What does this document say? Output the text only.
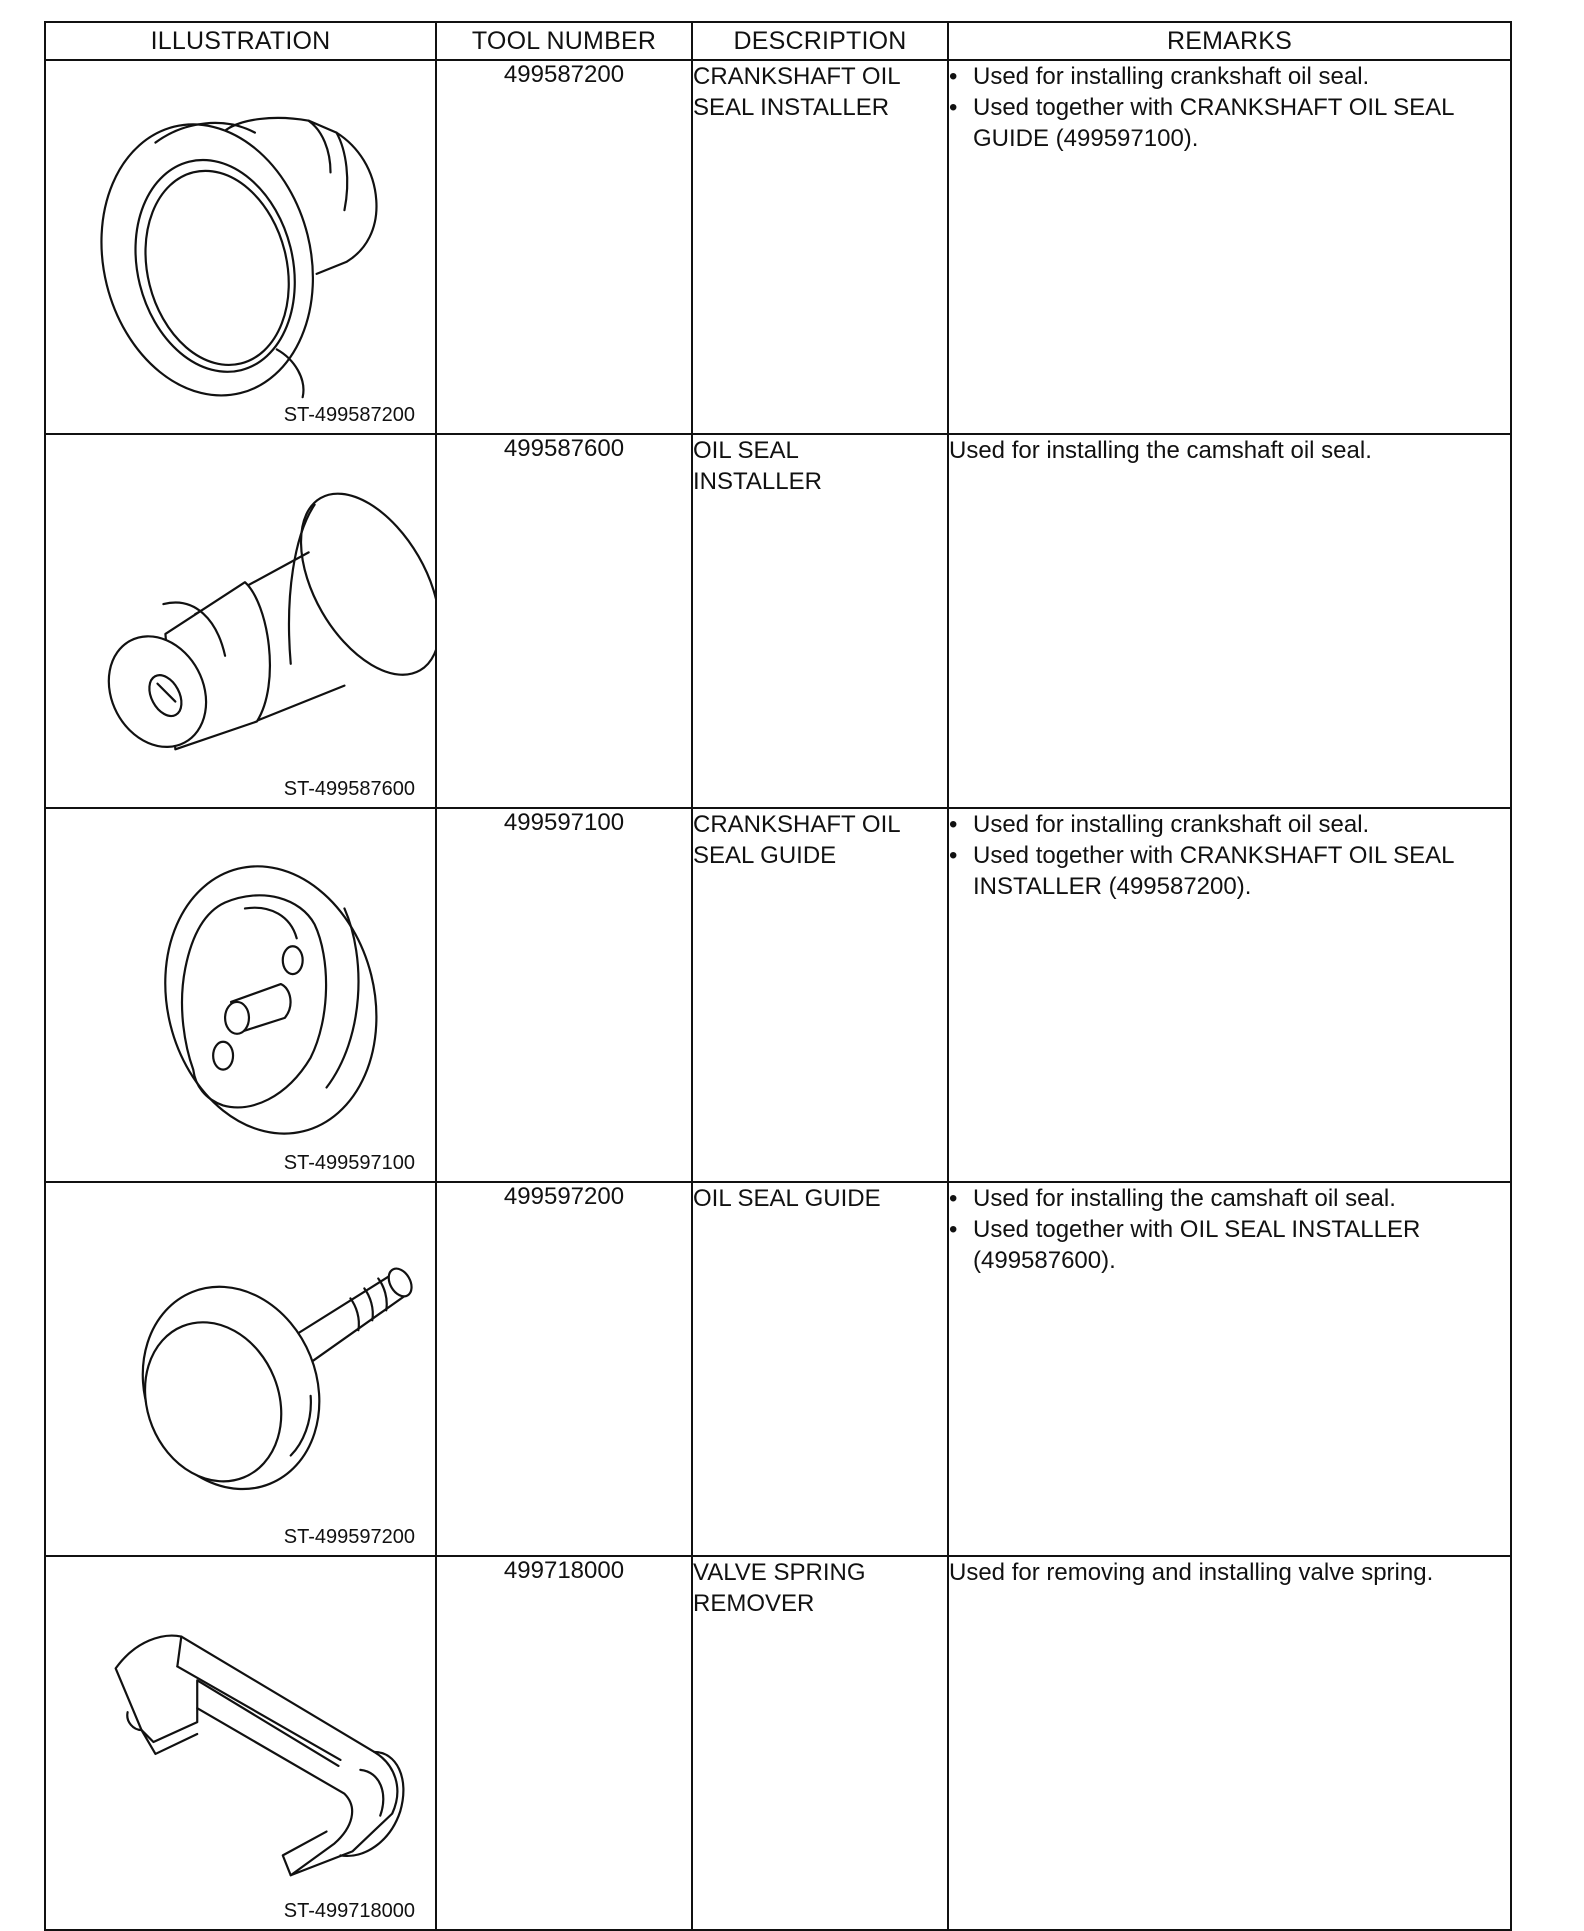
ILLUSTRATION	TOOL NUMBER	DESCRIPTION	REMARKS

ST-499587200	499587200	CRANKSHAFT OIL
SEAL INSTALLER	• Used for installing crankshaft oil seal.
• Used together with CRANKSHAFT OIL SEAL GUIDE (499597100).

ST-499587600	499587600	OIL SEAL
INSTALLER	Used for installing the camshaft oil seal.

ST-499597100	499597100	CRANKSHAFT OIL
SEAL GUIDE	• Used for installing crankshaft oil seal.
• Used together with CRANKSHAFT OIL SEAL INSTALLER (499587200).

ST-499597200	499597200	OIL SEAL GUIDE	• Used for installing the camshaft oil seal.
• Used together with OIL SEAL INSTALLER (499587600).

ST-499718000	499718000	VALVE SPRING
REMOVER	Used for removing and installing valve spring.
